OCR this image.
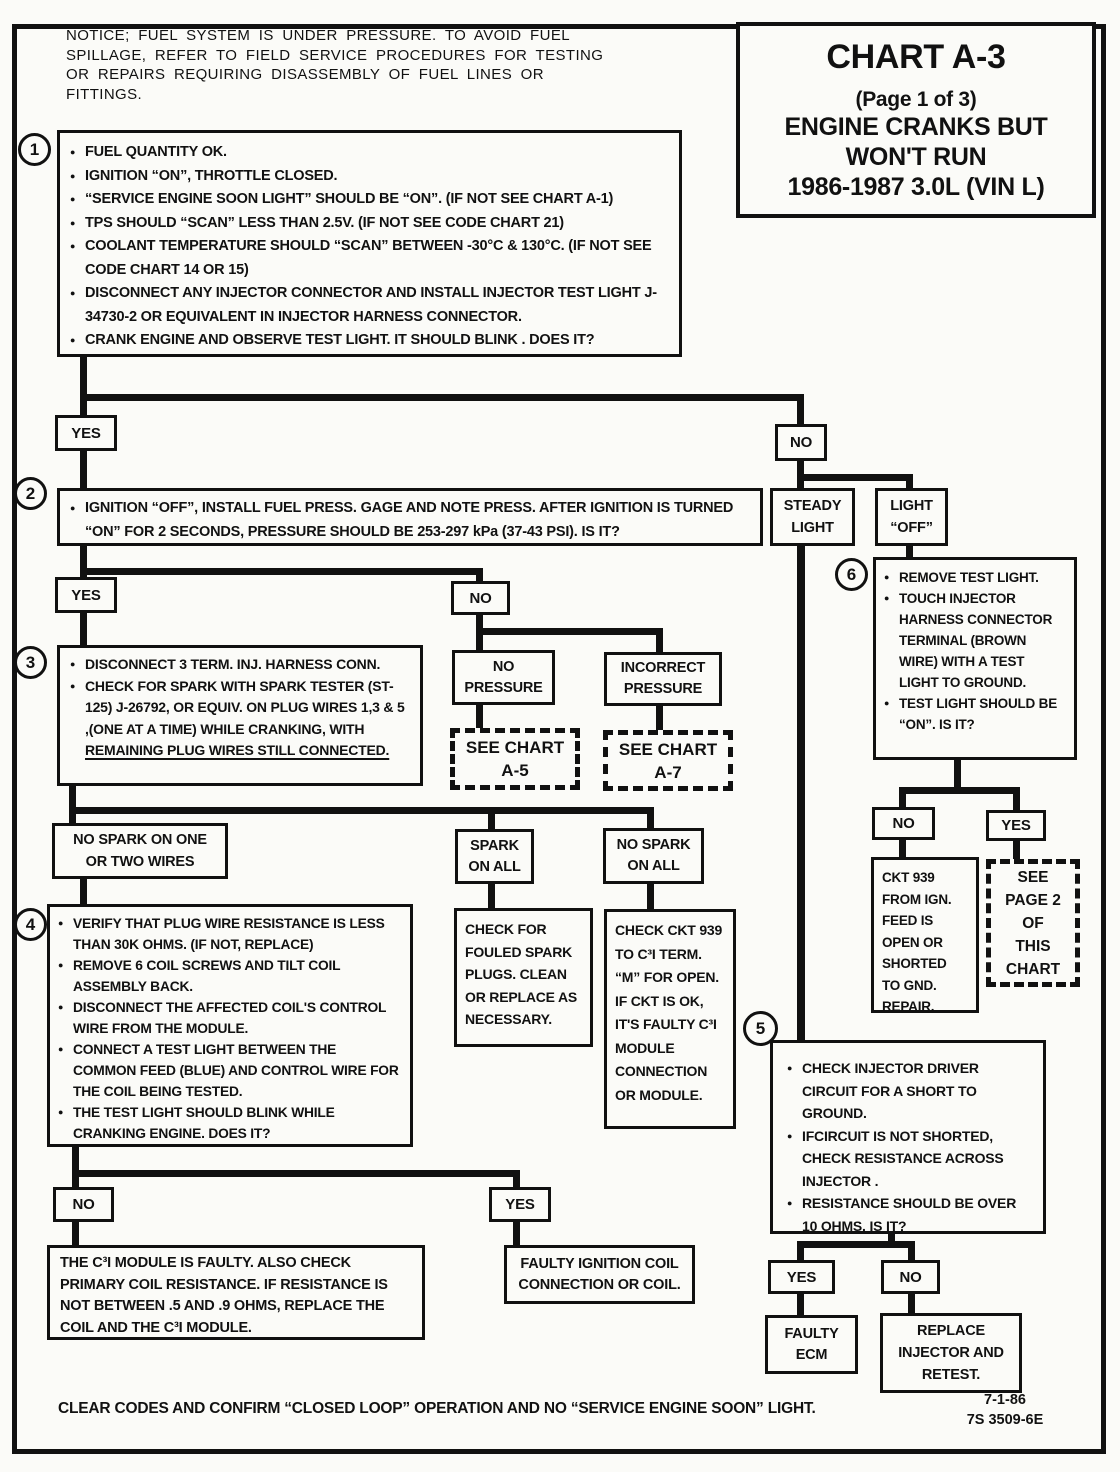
NOTICE; FUEL SYSTEM IS UNDER PRESSURE. TO AVOID FUEL SPILLAGE, REFER TO FIELD SERVICE PROCEDURES FOR TESTING OR REPAIRS REQUIRING DISASSEMBLY OF FUEL LINES OR FITTINGS.
CHART A-3
(Page 1 of 3)
ENGINE CRANKS BUT
WON'T RUN
1986-1987 3.0L (VIN L)
1
2
3
4
5
6
● FUEL QUANTITY OK.
● IGNITION “ON”, THROTTLE CLOSED.
● “SERVICE ENGINE SOON LIGHT” SHOULD BE “ON”. (IF NOT SEE CHART A-1)
● TPS SHOULD “SCAN” LESS THAN 2.5V. (IF NOT SEE CODE CHART 21)
● COOLANT TEMPERATURE SHOULD “SCAN” BETWEEN -30°C & 130°C. (IF NOT SEE CODE CHART 14 OR 15)
● DISCONNECT ANY INJECTOR CONNECTOR AND INSTALL INJECTOR TEST LIGHT J-34730-2 OR EQUIVALENT IN INJECTOR HARNESS CONNECTOR.
● CRANK ENGINE AND OBSERVE TEST LIGHT. IT SHOULD BLINK . DOES IT?
YES
NO
● IGNITION “OFF”, INSTALL FUEL PRESS. GAGE AND NOTE PRESS. AFTER IGNITION IS TURNED “ON” FOR 2 SECONDS, PRESSURE SHOULD BE 253-297 kPa (37-43 PSI). IS IT?
STEADY
LIGHT
LIGHT
“OFF”
YES	NO
● DISCONNECT 3 TERM. INJ. HARNESS CONN.
● CHECK FOR SPARK WITH SPARK TESTER (ST-125) J-26792, OR EQUIV. ON PLUG WIRES 1,3 & 5 ,(ONE AT A TIME) WHILE CRANKING, WITH REMAINING PLUG WIRES STILL CONNECTED.
NO PRESSURE
INCORRECT PRESSURE
SEE CHART
A-5
SEE CHART
A-7
NO SPARK ON ONE OR TWO WIRES
SPARK ON ALL
NO SPARK ON ALL
● VERIFY THAT PLUG WIRE RESISTANCE IS LESS THAN 30K OHMS. (IF NOT, REPLACE)
● REMOVE 6 COIL SCREWS AND TILT COIL ASSEMBLY BACK.
● DISCONNECT THE AFFECTED COIL'S CONTROL WIRE FROM THE MODULE.
● CONNECT A TEST LIGHT BETWEEN THE COMMON FEED (BLUE) AND CONTROL WIRE FOR THE COIL BEING TESTED.
● THE TEST LIGHT SHOULD BLINK WHILE CRANKING ENGINE. DOES IT?
CHECK FOR FOULED SPARK PLUGS. CLEAN OR REPLACE AS NECESSARY.
CHECK CKT 939 TO C³I TERM. “M” FOR OPEN. IF CKT IS OK, IT'S FAULTY C³I MODULE CONNECTION OR MODULE.
● REMOVE TEST LIGHT.
● TOUCH INJECTOR HARNESS CONNECTOR TERMINAL (BROWN WIRE) WITH A TEST LIGHT TO GROUND.
● TEST LIGHT SHOULD BE “ON”. IS IT?
NO	YES
CKT 939 FROM IGN. FEED IS OPEN OR SHORTED TO GND. REPAIR.
SEE
PAGE 2
OF
THIS
CHART
● CHECK INJECTOR DRIVER CIRCUIT FOR A SHORT TO GROUND.
● IFCIRCUIT IS NOT SHORTED, CHECK RESISTANCE ACROSS INJECTOR .
● RESISTANCE SHOULD BE OVER 10 OHMS. IS IT?
YES	NO
FAULTY ECM
REPLACE INJECTOR AND RETEST.
NO	YES
THE C³I MODULE IS FAULTY. ALSO CHECK PRIMARY COIL RESISTANCE. IF RESISTANCE IS NOT BETWEEN .5 AND .9 OHMS, REPLACE THE COIL AND THE C³I MODULE.
FAULTY IGNITION COIL CONNECTION OR COIL.
CLEAR CODES AND CONFIRM “CLOSED LOOP” OPERATION AND NO “SERVICE ENGINE SOON” LIGHT.	7-1-86
7S 3509-6E
